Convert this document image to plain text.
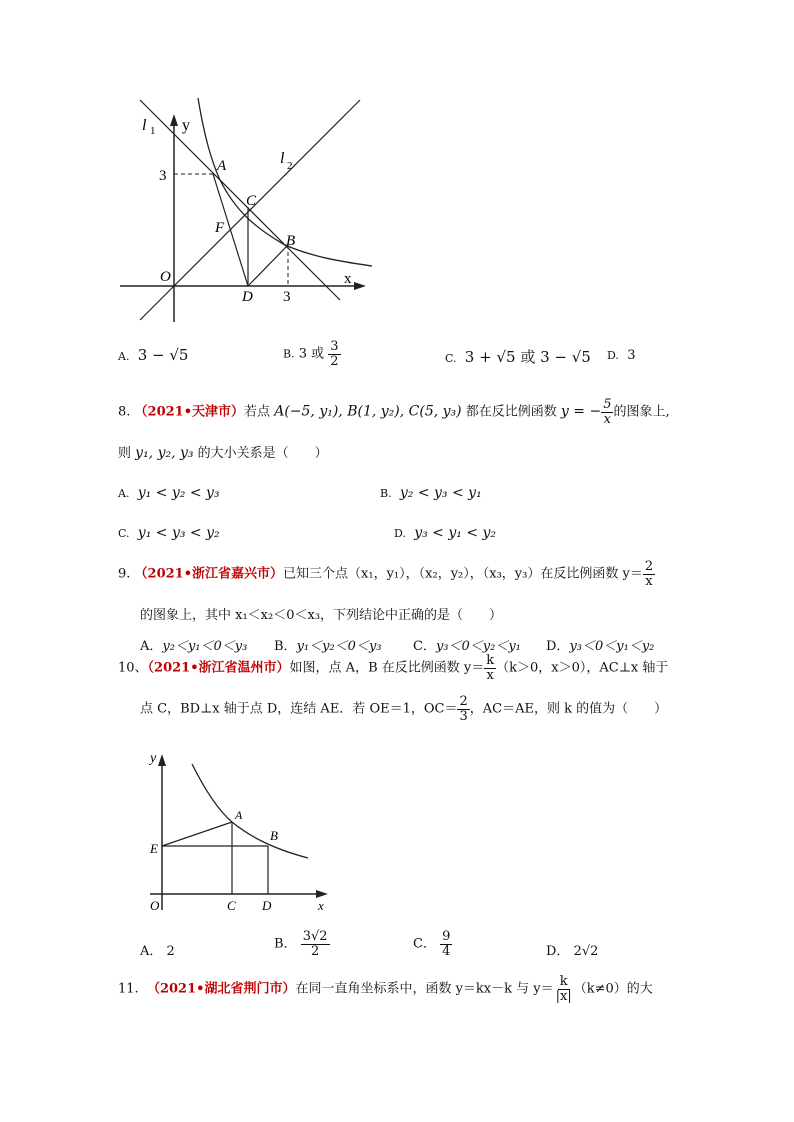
l 1 y
l 2
3
A
C
F
B
O
D 3
x
A. 3 − √5	B. 3 或 $\frac{3}{2}$	C. 3 + √5 或 3 − √5 D. 3
8. （2021•天津市）若点 A(−5, y₁), B(1, y₂), C(5, y₃) 都在反比例函数 y = − $\frac{5}{x}$ 的图象上,
则 y₁, y₂, y₃ 的大小关系是（　　）
A. y₁ < y₂ < y₃	B. y₂ < y₃ < y₁
C. y₁ < y₃ < y₂	D. y₃ < y₁ < y₂
9. （2021•浙江省嘉兴市）已知三个点（x₁，y₁），（x₂，y₂），（x₃，y₃）在反比例函数 $y= \frac{2}{x}$
的图象上，其中 x₁＜x₂＜0＜x₃，下列结论中正确的是（　　）
A．y₂＜y₁＜0＜y₃ B．y₁＜y₂＜0＜y₃ C．y₃＜0＜y₂＜y₁ D．y₃＜0＜y₁＜y₂
10、（2021•浙江省温州市）如图，点 A，B 在反比例函数 $y= \frac{k}{x} (k>0$，x＞0），AC⊥x 轴于
点 C，BD⊥x 轴于点 D，连结 AE．若 OE＝1，$OC= \frac{2}{3}$ ，AC＝AE，则 k 的值为（　　）
y
A
B
E
O	C D	x
A． 2	B． $\frac{3√2}{2}$	C． $\frac{9}{4}$	D． 2√2
11. （2021•湖北省荆门市）在同一直角坐标系中，函数 y＝kx－k 与 $y= \frac{k}{|x|} (k\ne 0)$的大
